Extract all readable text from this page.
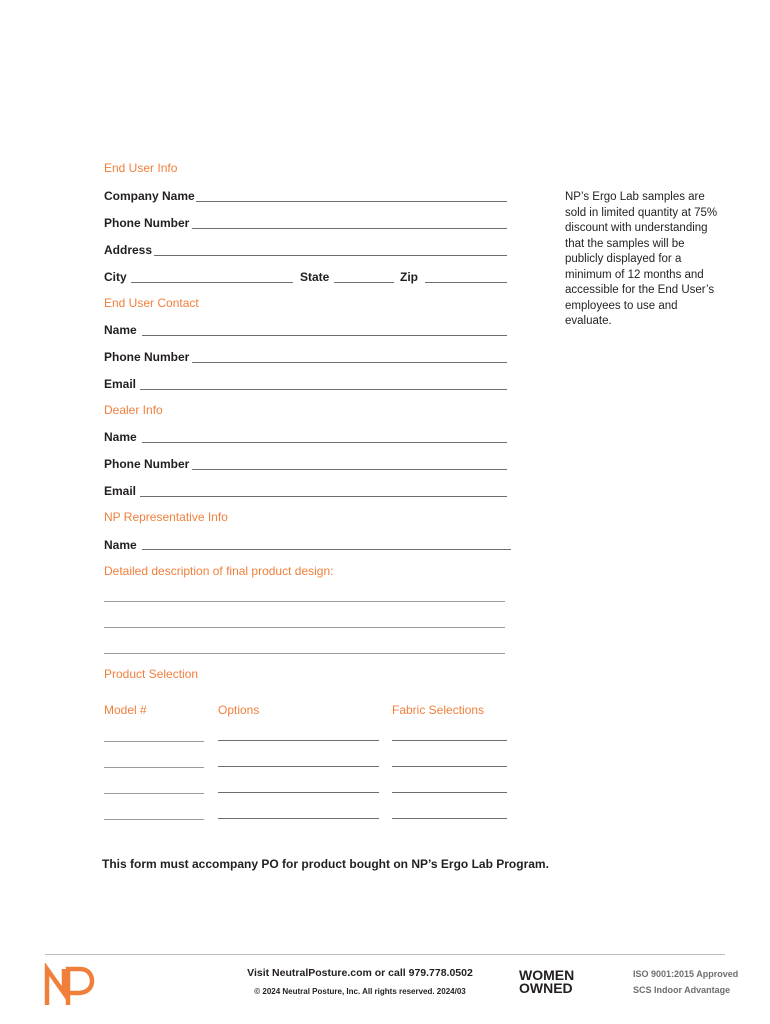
End User Info
Company Name
Phone Number
Address
City	State	Zip
NP’s Ergo Lab samples are sold in limited quantity at 75% discount with understanding that the samples will be publicly displayed for a minimum of 12 months and accessible for the End User’s employees to use and evaluate.
End User Contact
Name
Phone Number
Email
Dealer Info
Name
Phone Number
Email
NP Representative Info
Name
Detailed description of final product design:
Product Selection
Model #	Options	Fabric Selections
This form must accompany PO for product bought on NP’s Ergo Lab Program.
Visit NeutralPosture.com or call 979.778.0502
© 2024 Neutral Posture, Inc. All rights reserved. 2024/03
WOMEN
OWNED
ISO 9001:2015 Approved
SCS Indoor Advantage
